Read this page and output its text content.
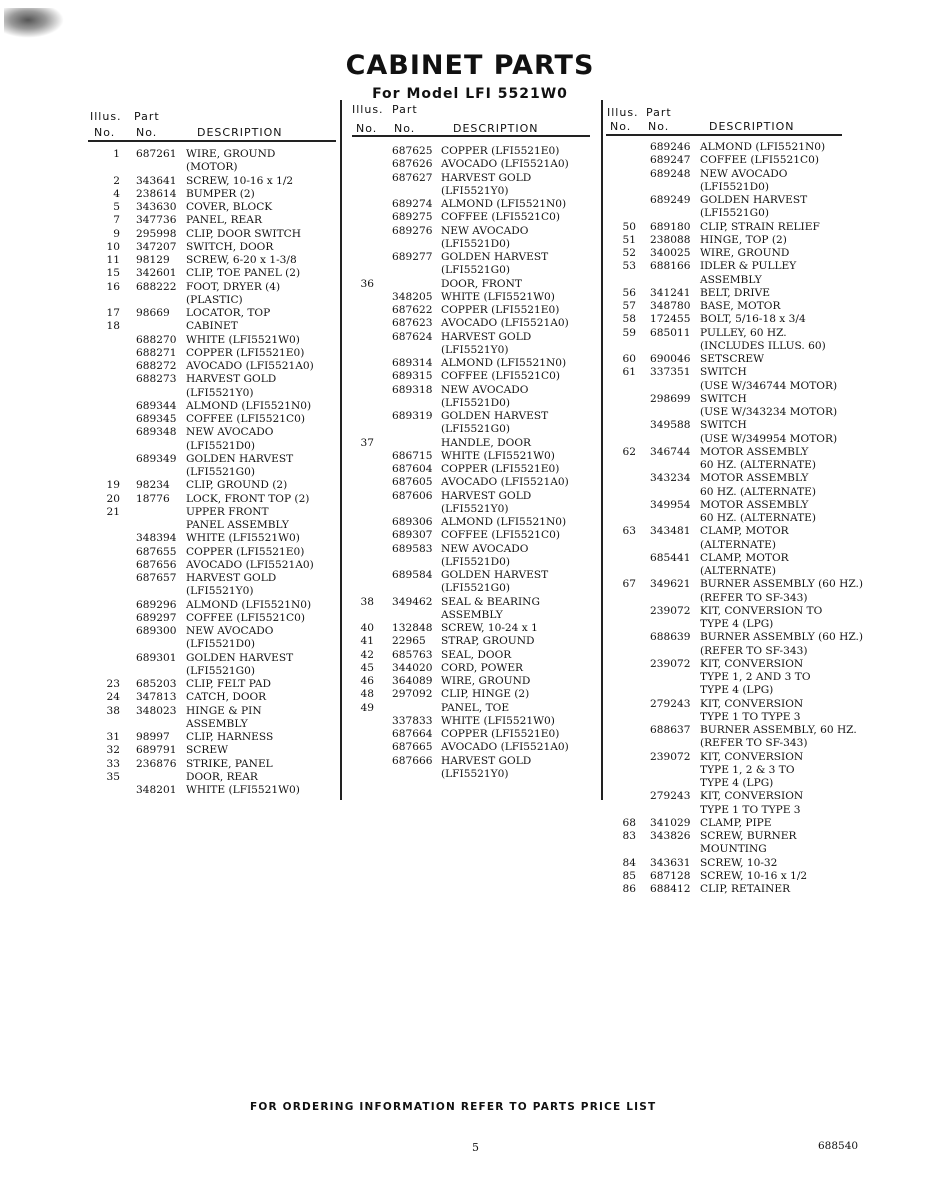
CABINET PARTS
For Model LFI 5521W0
Illus. Part
No. No.	DESCRIPTION
Illus. Part
No. No.	DESCRIPTION
Illus. Part
No. No.	DESCRIPTION
1 687261 WIRE, GROUND
(MOTOR)
2 343641 SCREW, 10-16 x 1/2
4 238614 BUMPER (2)
5 343630 COVER, BLOCK
7 347736 PANEL, REAR
9 295998 CLIP, DOOR SWITCH
10 347207 SWITCH, DOOR
11 98129 SCREW, 6-20 x 1-3/8
15 342601 CLIP, TOE PANEL (2)
16 688222 FOOT, DRYER (4)
(PLASTIC)
17 98669 LOCATOR, TOP
18	CABINET
688270 WHITE (LFI5521W0)
688271 COPPER (LFI5521E0)
688272 AVOCADO (LFI5521A0)
688273 HARVEST GOLD
(LFI5521Y0)
689344 ALMOND (LFI5521N0)
689345 COFFEE (LFI5521C0)
689348 NEW AVOCADO
(LFI5521D0)
689349 GOLDEN HARVEST
(LFI5521G0)
19 98234 CLIP, GROUND (2)
20 18776 LOCK, FRONT TOP (2)
21	UPPER FRONT
PANEL ASSEMBLY
348394 WHITE (LFI5521W0)
687655 COPPER (LFI5521E0)
687656 AVOCADO (LFI5521A0)
687657 HARVEST GOLD
(LFI5521Y0)
689296 ALMOND (LFI5521N0)
689297 COFFEE (LFI5521C0)
689300 NEW AVOCADO
(LFI5521D0)
689301 GOLDEN HARVEST
(LFI5521G0)
23 685203 CLIP, FELT PAD
24 347813 CATCH, DOOR
38 348023 HINGE & PIN
ASSEMBLY
31 98997 CLIP, HARNESS
32 689791 SCREW
33 236876 STRIKE, PANEL
35	DOOR, REAR
348201 WHITE (LFI5521W0)
687625 COPPER (LFI5521E0)
687626 AVOCADO (LFI5521A0)
687627 HARVEST GOLD
(LFI5521Y0)
689274 ALMOND (LFI5521N0)
689275 COFFEE (LFI5521C0)
689276 NEW AVOCADO
(LFI5521D0)
689277 GOLDEN HARVEST
(LFI5521G0)
36	DOOR, FRONT
348205 WHITE (LFI5521W0)
687622 COPPER (LFI5521E0)
687623 AVOCADO (LFI5521A0)
687624 HARVEST GOLD
(LFI5521Y0)
689314 ALMOND (LFI5521N0)
689315 COFFEE (LFI5521C0)
689318 NEW AVOCADO
(LFI5521D0)
689319 GOLDEN HARVEST
(LFI5521G0)
37	HANDLE, DOOR
686715 WHITE (LFI5521W0)
687604 COPPER (LFI5521E0)
687605 AVOCADO (LFI5521A0)
687606 HARVEST GOLD
(LFI5521Y0)
689306 ALMOND (LFI5521N0)
689307 COFFEE (LFI5521C0)
689583 NEW AVOCADO
(LFI5521D0)
689584 GOLDEN HARVEST
(LFI5521G0)
38 349462 SEAL & BEARING
ASSEMBLY
40 132848 SCREW, 10-24 x 1
41 22965 STRAP, GROUND
42 685763 SEAL, DOOR
45 344020 CORD, POWER
46 364089 WIRE, GROUND
48 297092 CLIP, HINGE (2)
49	PANEL, TOE
337833 WHITE (LFI5521W0)
687664 COPPER (LFI5521E0)
687665 AVOCADO (LFI5521A0)
687666 HARVEST GOLD
(LFI5521Y0)
689246 ALMOND (LFI5521N0)
689247 COFFEE (LFI5521C0)
689248 NEW AVOCADO
(LFI5521D0)
689249 GOLDEN HARVEST
(LFI5521G0)
50 689180 CLIP, STRAIN RELIEF
51 238088 HINGE, TOP (2)
52 340025 WIRE, GROUND
53 688166 IDLER & PULLEY
ASSEMBLY
56 341241 BELT, DRIVE
57 348780 BASE, MOTOR
58 172455 BOLT, 5/16-18 x 3/4
59 685011 PULLEY, 60 HZ.
(INCLUDES ILLUS. 60)
60 690046 SETSCREW
61 337351 SWITCH
(USE W/346744 MOTOR)
298699 SWITCH
(USE W/343234 MOTOR)
349588 SWITCH
(USE W/349954 MOTOR)
62 346744 MOTOR ASSEMBLY
60 HZ. (ALTERNATE)
343234 MOTOR ASSEMBLY
60 HZ. (ALTERNATE)
349954 MOTOR ASSEMBLY
60 HZ. (ALTERNATE)
63 343481 CLAMP, MOTOR
(ALTERNATE)
685441 CLAMP, MOTOR
(ALTERNATE)
67 349621 BURNER ASSEMBLY (60 HZ.)
(REFER TO SF-343)
239072 KIT, CONVERSION TO
TYPE 4 (LPG)
688639 BURNER ASSEMBLY (60 HZ.)
(REFER TO SF-343)
239072 KIT, CONVERSION
TYPE 1, 2 AND 3 TO
TYPE 4 (LPG)
279243 KIT, CONVERSION
TYPE 1 TO TYPE 3
688637 BURNER ASSEMBLY, 60 HZ.
(REFER TO SF-343)
239072 KIT, CONVERSION
TYPE 1, 2 & 3 TO
TYPE 4 (LPG)
279243 KIT, CONVERSION
TYPE 1 TO TYPE 3
68 341029 CLAMP, PIPE
83 343826 SCREW, BURNER
MOUNTING
84 343631 SCREW, 10-32
85 687128 SCREW, 10-16 x 1/2
86 688412 CLIP, RETAINER
FOR ORDERING INFORMATION REFER TO PARTS PRICE LIST
5	688540
